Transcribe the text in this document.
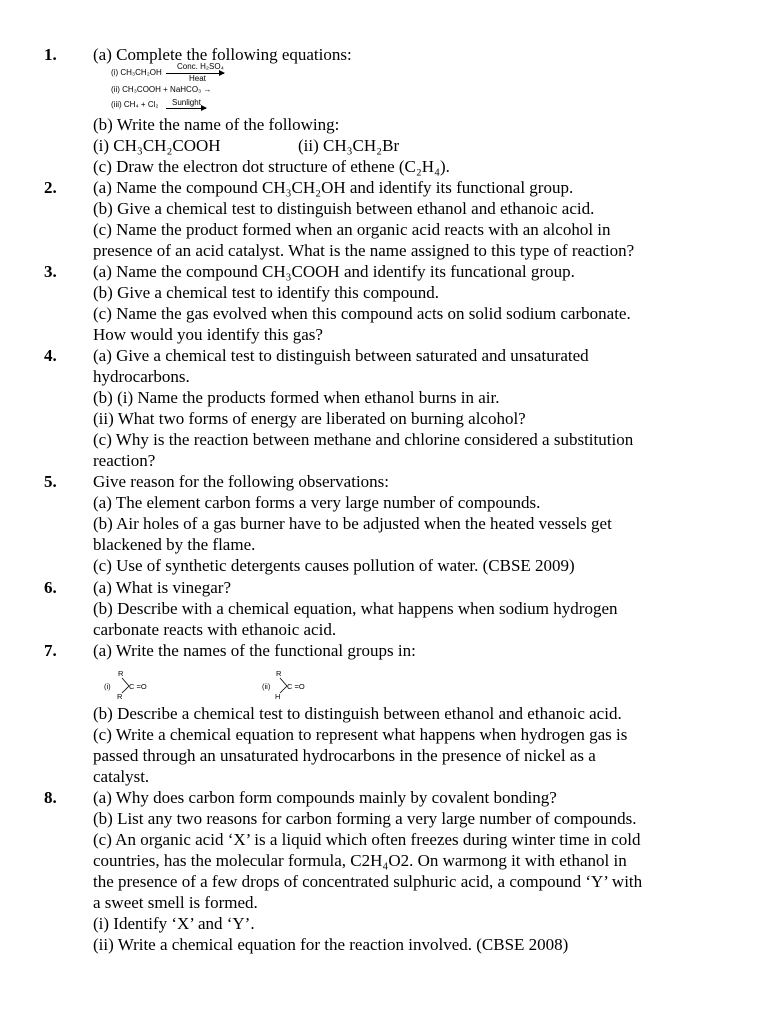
1. (a) Complete the following equations:
(i) CH₃CH₂OH
Conc. H₂SO₄
Heat
(ii) CH₃COOH + NaHCO₃ →
(iii) CH₄ + Cl₂ Sunlight
(b) Write the name of the following:
(i) CH₃CH₂COOH	(ii) CH₃CH₂Br
(c) Draw the electron dot structure of ethene (C₂H₄).
2. (a) Name the compound CH₃CH₂OH and identify its functional group.
(b) Give a chemical test to distinguish between ethanol and ethanoic acid.
(c) Name the product formed when an organic acid reacts with an alcohol in
presence of an acid catalyst. What is the name assigned to this type of reaction?
3. (a) Name the compound CH₃COOH and identify its funcational group.
(b) Give a chemical test to identify this compound.
(c) Name the gas evolved when this compound acts on solid sodium carbonate.
How would you identify this gas?
4. (a) Give a chemical test to distinguish between saturated and unsaturated
hydrocarbons.
(b) (i) Name the products formed when ethanol burns in air.
(ii) What two forms of energy are liberated on burning alcohol?
(c) Why is the reaction between methane and chlorine considered a substitution
reaction?
5. Give reason for the following observations:
(a) The element carbon forms a very large number of compounds.
(b) Air holes of a gas burner have to be adjusted when the heated vessels get
blackened by the flame.
(c) Use of synthetic detergents causes pollution of water. (CBSE 2009)
6. (a) What is vinegar?
(b) Describe with a chemical equation, what happens when sodium hydrogen
carbonate reacts with ethanoic acid.
7. (a) Write the names of the functional groups in:
(i)
R
R
C =O	(ii)
R
H
C =O
(b) Describe a chemical test to distinguish between ethanol and ethanoic acid.
(c) Write a chemical equation to represent what happens when hydrogen gas is
passed through an unsaturated hydrocarbons in the presence of nickel as a
catalyst.
8. (a) Why does carbon form compounds mainly by covalent bonding?
(b) List any two reasons for carbon forming a very large number of compounds.
(c) An organic acid ‘X’ is a liquid which often freezes during winter time in cold
countries, has the molecular formula, C2H₄O2. On warmong it with ethanol in
the presence of a few drops of concentrated sulphuric acid, a compound ‘Y’ with
a sweet smell is formed.
(i) Identify ‘X’ and ‘Y’.
(ii) Write a chemical equation for the reaction involved. (CBSE 2008)
